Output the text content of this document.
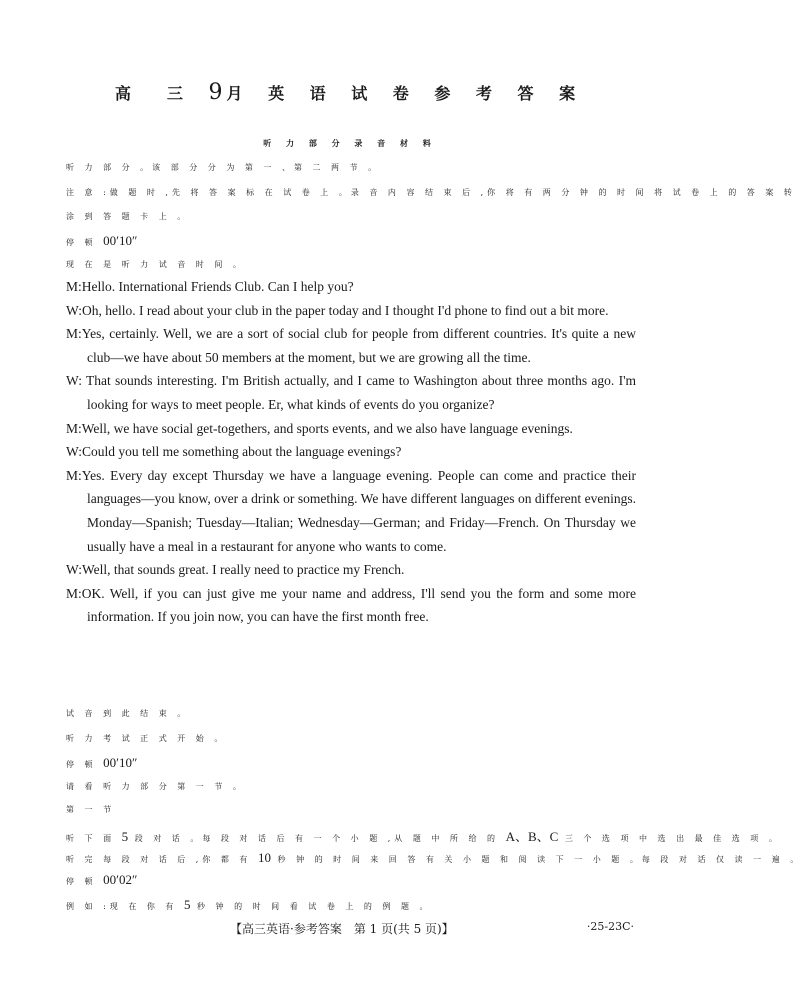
高　三 9月 英 语 试 卷 参 考 答 案
听 力 部 分 录 音 材 料
听 力 部 分 。该 部 分 分 为 第 一 、第 二 两 节 。
注 意 :做 题 时 ,先 将 答 案 标 在 试 卷 上 。录 音 内 容 结 束 后 ,你 将 有 两 分 钟 的 时 间 将 试 卷 上 的 答 案 转
涂 到 答 题 卡 上 。
停 顿 00′10″
现 在 是 听 力 试 音 时 间 。

M:Hello. International Friends Club. Can I help you?

W:Oh, hello. I read about your club in the paper today and I thought I'd phone to find out a bit more.

M:Yes, certainly. Well, we are a sort of social club for people from different countries. It's quite a new club—we have about 50 members at the moment, but we are growing all the time.

W: That sounds interesting. I'm British actually, and I came to Washington about three months ago. I'm looking for ways to meet people. Er, what kinds of events do you organize?

M:Well, we have social get-togethers, and sports events, and we also have language evenings.

W:Could you tell me something about the language evenings?

M:Yes. Every day except Thursday we have a language evening. People can come and practice their languages—you know, over a drink or something. We have different languages on different evenings. Monday—Spanish; Tuesday—Italian; Wednesday—German; and Friday—French. On Thursday we usually have a meal in a restaurant for anyone who wants to come.

W:Well, that sounds great. I really need to practice my French.

M:OK. Well, if you can just give me your name and address, I'll send you the form and some more information. If you join now, you can have the first month free.

试 音 到 此 结 束 。
听 力 考 试 正 式 开 始 。
停 顿 00′10″
请 看 听 力 部 分 第 一 节 。
第 一 节
听 下 面 5 段 对 话 。每 段 对 话 后 有 一 个 小 题 ,从 题 中 所 给 的 A、B、C 三 个 选 项 中 选 出 最 佳 选 项 。
听 完 每 段 对 话 后 ,你 都 有 10 秒 钟 的 时 间 来 回 答 有 关 小 题 和 阅 读 下 一 小 题 。每 段 对 话 仅 读 一 遍 。
停 顿 00′02″
例 如 :现 在 你 有 5 秒 钟 的 时 间 看 试 卷 上 的 例 题 。
【高三英语·参考答案　第 1 页(共 5 页)】	·25-23C·
